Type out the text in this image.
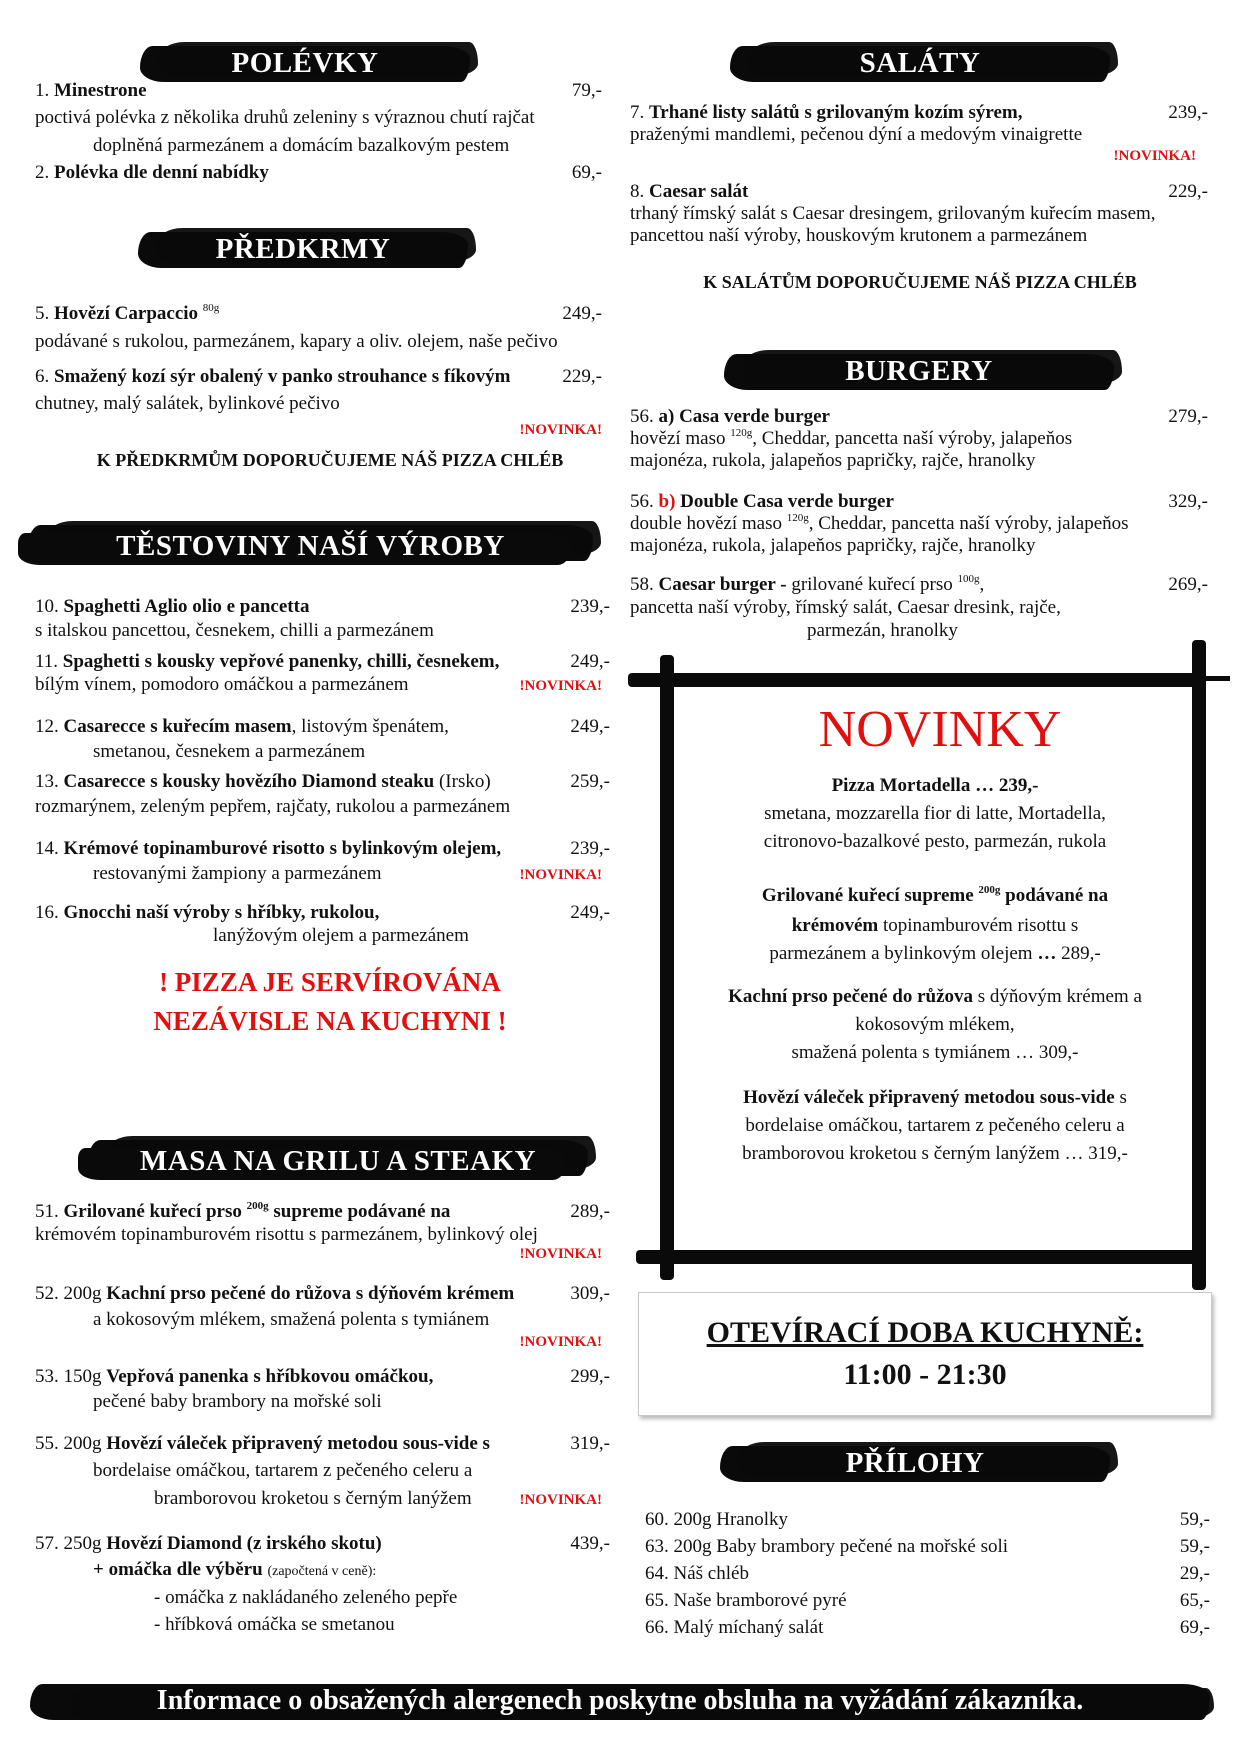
POLÉVKY
1. Minestrone	79,-
poctivá polévka z několika druhů zeleniny s výraznou chutí rajčat
doplněná parmezánem a domácím bazalkovým pestem
2. Polévka dle denní nabídky	69,-
PŘEDKRMY
5. Hovězí Carpaccio $^{80g}$	249,-
podávané s rukolou, parmezánem, kapary a oliv. olejem, naše pečivo
6. Smažený kozí sýr obalený v panko strouhance s fíkovým	229,-
chutney, malý salátek, bylinkové pečivo
!NOVINKA!
K PŘEDKRMŮM DOPORUČUJEME NÁŠ PIZZA CHLÉB
TĚSTOVINY NAŠÍ VÝROBY
10. Spaghetti Aglio olio e pancetta	239,-
s italskou pancettou, česnekem, chilli a parmezánem
11. Spaghetti s kousky vepřové panenky, chilli, česnekem,	249,-
bílým vínem, pomodoro omáčkou a parmezánem	!NOVINKA!
12. Casarecce s kuřecím masem, listovým špenátem,	249,-
smetanou, česnekem a parmezánem
13. Casarecce s kousky hovězího Diamond steaku (Irsko)	259,-
rozmarýnem, zeleným pepřem, rajčaty, rukolou a parmezánem
14. Krémové topinamburové risotto s bylinkovým olejem,	239,-
restovanými žampiony a parmezánem	!NOVINKA!
16. Gnocchi naší výroby s hříbky, rukolou,	249,-
lanýžovým olejem a parmezánem
! PIZZA JE SERVÍROVÁNA
NEZÁVISLE NA KUCHYNI !
MASA NA GRILU A STEAKY
51. Grilované kuřecí prso $^{200g}$ supreme podávané na	289,-
krémovém topinamburovém risottu s parmezánem, bylinkový olej
!NOVINKA!
52. 200g Kachní prso pečené do růžova s dýňovém krémem	309,-
a kokosovým mlékem, smažená polenta s tymiánem
!NOVINKA!
53. 150g Vepřová panenka s hříbkovou omáčkou,	299,-
pečené baby brambory na mořské soli
55. 200g Hovězí váleček připravený metodou sous-vide s	319,-
bordelaise omáčkou, tartarem z pečeného celeru a
bramborovou kroketou s černým lanýžem	!NOVINKA!
57. 250g Hovězí Diamond (z irského skotu)	439,-
+ omáčka dle výběru (započtená v ceně):
- omáčka z nakládaného zeleného pepře
- hříbková omáčka se smetanou
SALÁTY
7. Trhané listy salátů s grilovaným kozím sýrem,	239,-
praženými mandlemi, pečenou dýní a medovým vinaigrette
!NOVINKA!
8. Caesar salát	229,-
trhaný římský salát s Caesar dresingem, grilovaným kuřecím masem,
pancettou naší výroby, houskovým krutonem a parmezánem
K SALÁTŮM DOPORUČUJEME NÁŠ PIZZA CHLÉB
BURGERY
56. a) Casa verde burger	279,-
hovězí maso $^{120g}$, Cheddar, pancetta naší výroby, jalapeňos
majonéza, rukola, jalapeňos papričky, rajče, hranolky
56. b) Double Casa verde burger	329,-
double hovězí maso $^{120g}$, Cheddar, pancetta naší výroby, jalapeňos
majonéza, rukola, jalapeňos papričky, rajče, hranolky
58. Caesar burger - grilované kuřecí prso $^{100g}$,	269,-
pancetta naší výroby, římský salát, Caesar dresink, rajče,
parmezán, hranolky
NOVINKY
Pizza Mortadella … 239,-
smetana, mozzarella fior di latte, Mortadella,
citronovo-bazalkové pesto, parmezán, rukola
Grilované kuřecí supreme $^{200g}$ podávané na
krémovém topinamburovém risottu s
parmezánem a bylinkovým olejem … 289,-
Kachní prso pečené do růžova s dýňovým krémem a
kokosovým mlékem,
smažená polenta s tymiánem … 309,-
Hovězí váleček připravený metodou sous-vide s
bordelaise omáčkou, tartarem z pečeného celeru a
bramborovou kroketou s černým lanýžem … 319,-
OTEVÍRACÍ DOBA KUCHYNĚ:
11:00 - 21:30
PŘÍLOHY
60. 200g Hranolky	59,-
63. 200g Baby brambory pečené na mořské soli	59,-
64. Náš chléb	29,-
65. Naše bramborové pyré	65,-
66. Malý míchaný salát	69,-
Informace o obsažených alergenech poskytne obsluha na vyžádání zákazníka.
